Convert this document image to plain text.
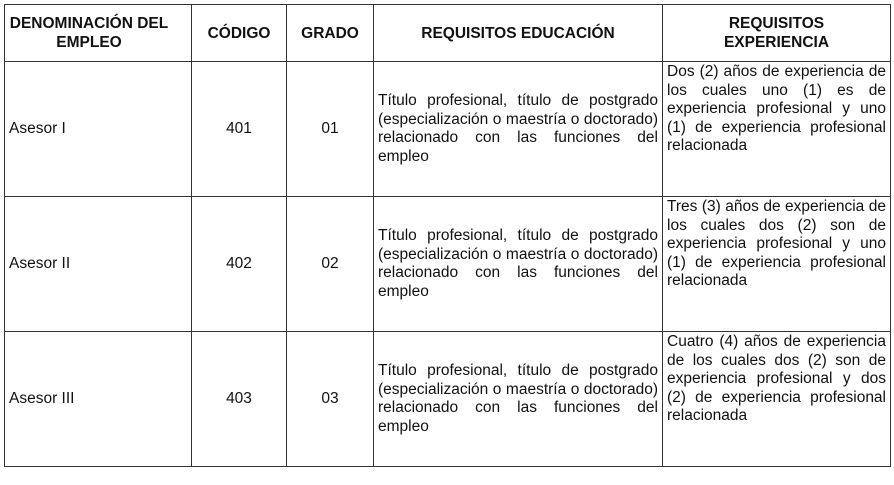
DENOMINACIÓN DEL EMPLEO	CÓDIGO	GRADO	REQUISITOS EDUCACIÓN	REQUISITOS EXPERIENCIA

Asesor I	401	01	Título profesional, título de postgrado (especialización o maestría o doctorado) relacionado con las funciones del empleo	Dos (2) años de experiencia de los cuales uno (1) es de experiencia profesional y uno (1) de experiencia profesional relacionada
Asesor II	402	02	Título profesional, título de postgrado (especialización o maestría o doctorado) relacionado con las funciones del empleo	Tres (3) años de experiencia de los cuales dos (2) son de experiencia profesional y uno (1) de experiencia profesional relacionada
Asesor III	403	03	Título profesional, título de postgrado (especialización o maestría o doctorado) relacionado con las funciones del empleo	Cuatro (4) años de experiencia de los cuales dos (2) son de experiencia profesional y dos (2) de experiencia profesional relacionada
